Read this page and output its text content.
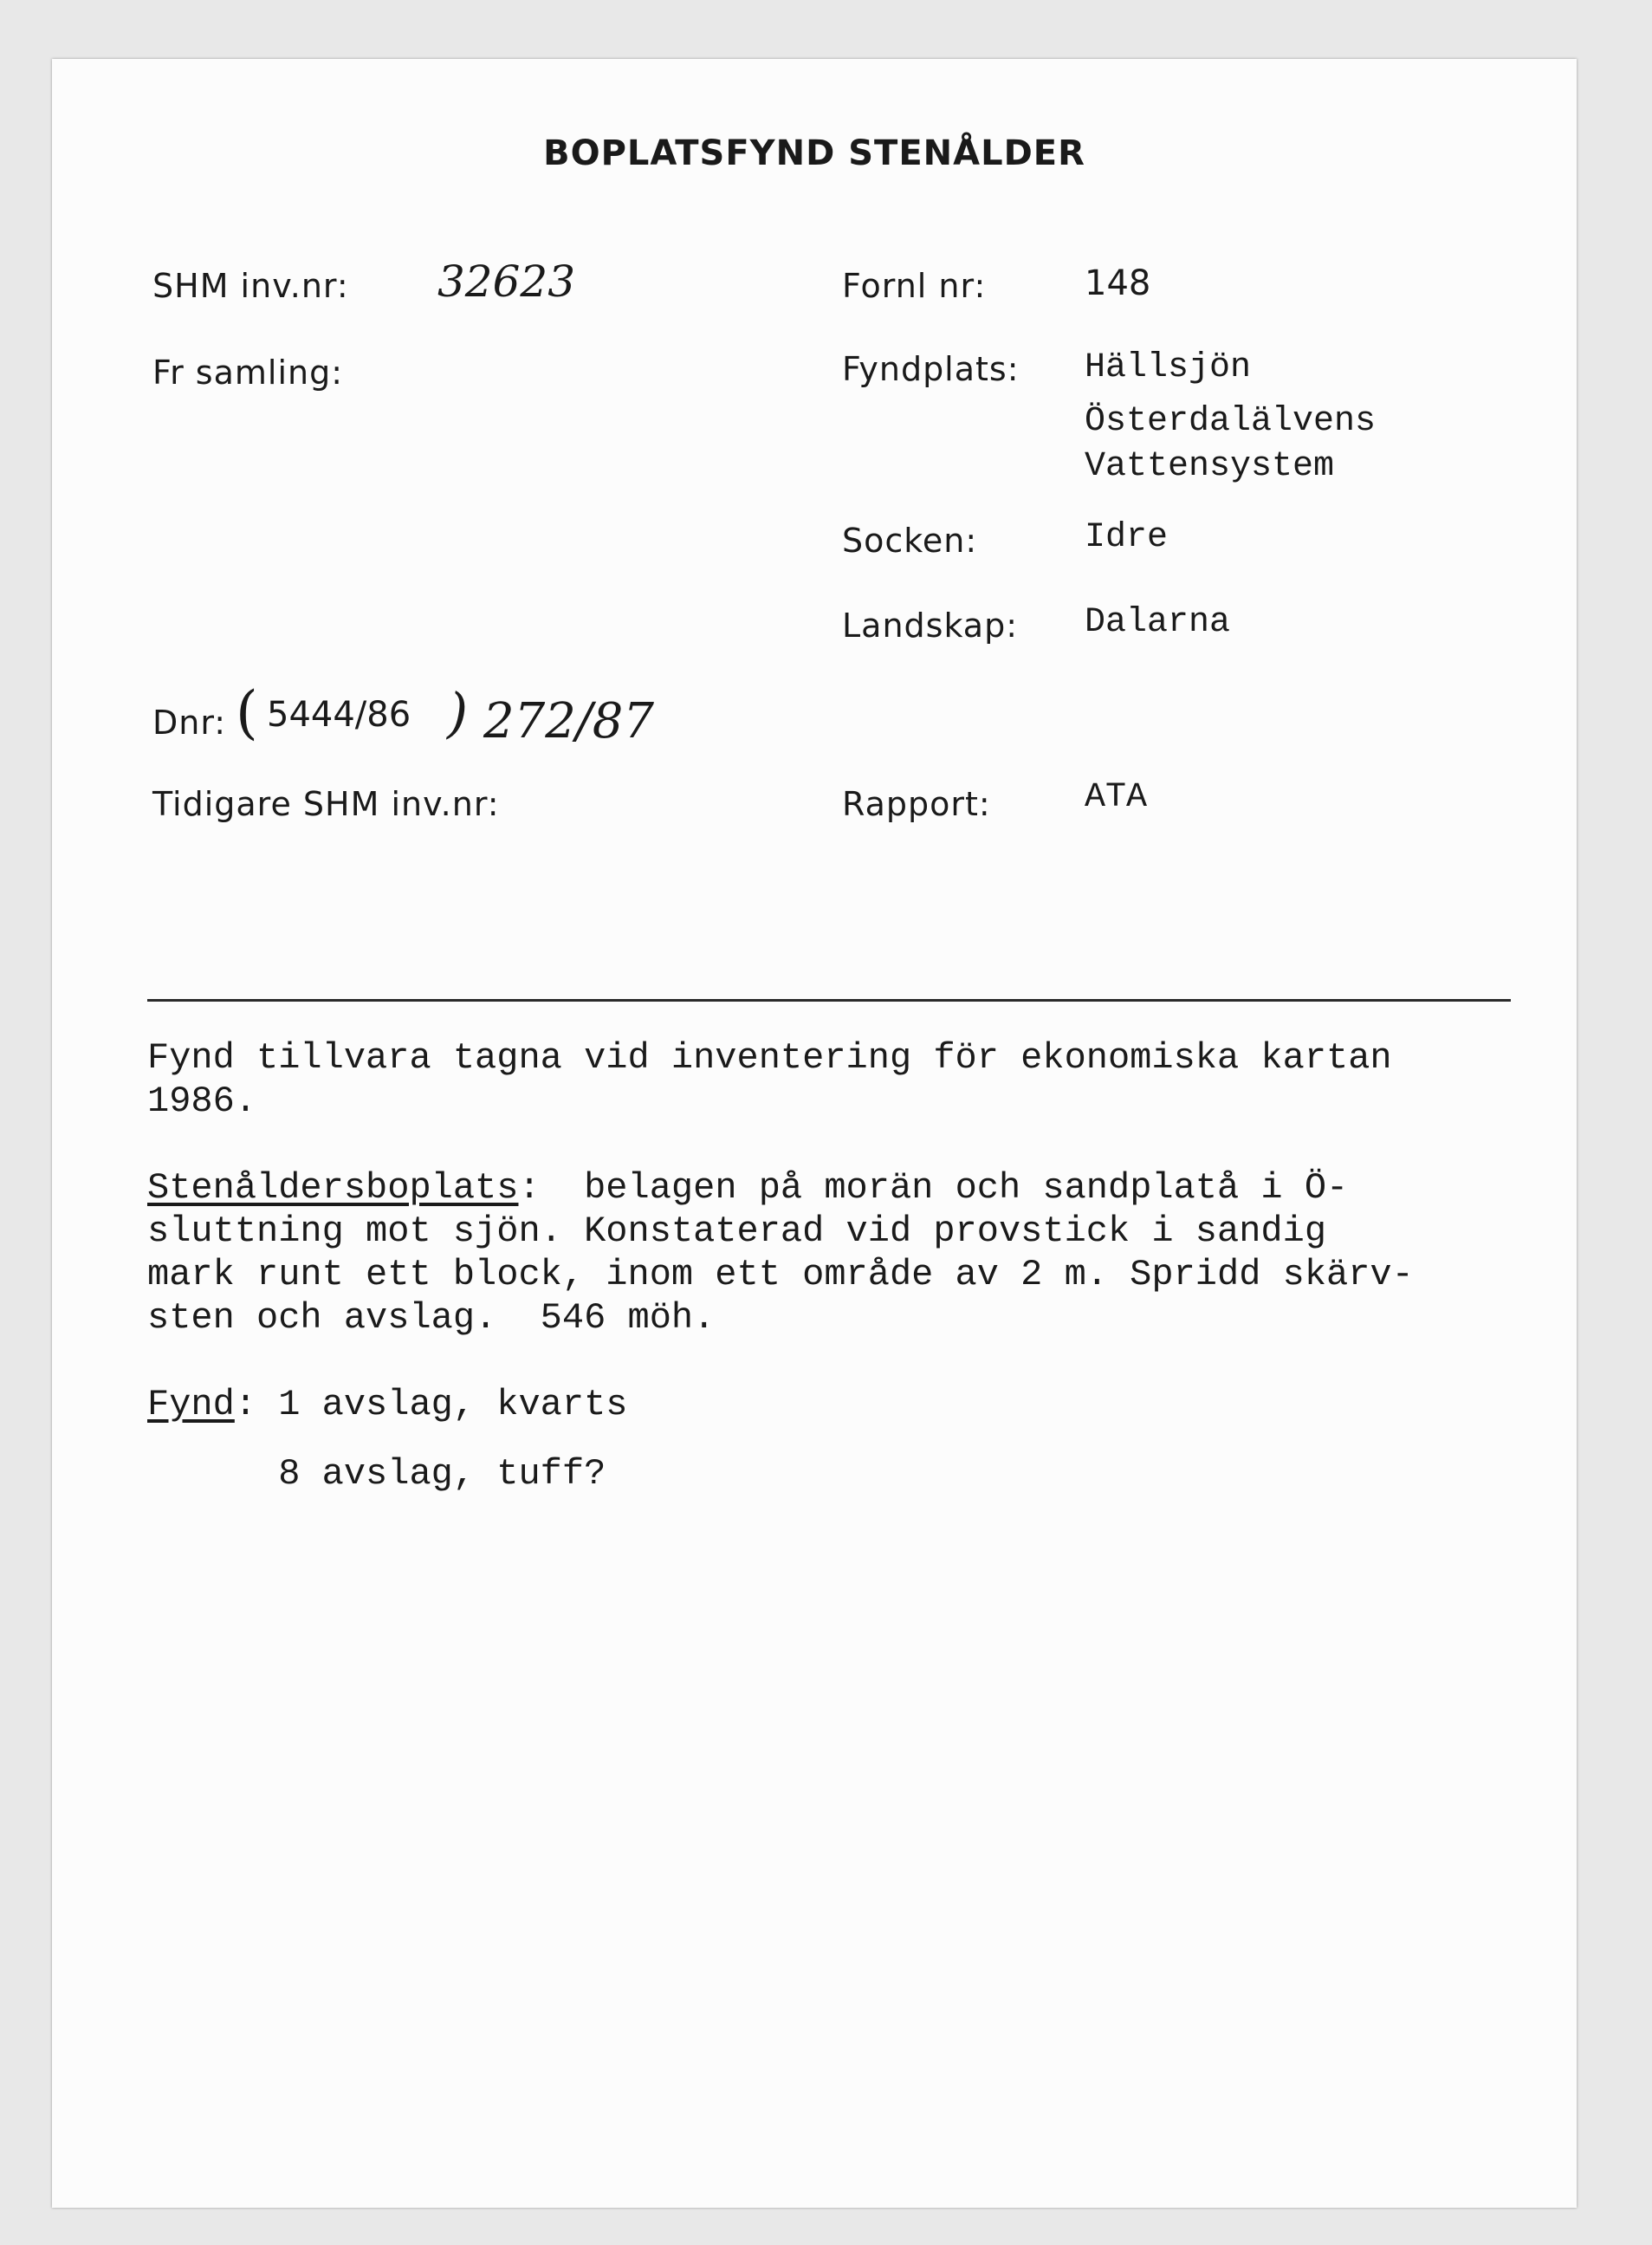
BOPLATSFYND STENÅLDER
SHM inv.nr: 32623	Fornl nr:	148
Fr samling:	Fyndplats: Hällsjön
Österdalälvens
Vattensystem
Socken:	Idre
Landskap: Dalarna
Dnr: ( 5444/86 ) 272/87
Tidigare SHM inv.nr:	Rapport:	ATA
Fynd tillvara tagna vid inventering för ekonomiska kartan
1986.
Stenåldersboplats:  belagen på morän och sandplatå i Ö-
sluttning mot sjön. Konstaterad vid provstick i sandig
mark runt ett block, inom ett område av 2 m. Spridd skärv-
sten och avslag.  546 möh.
Fynd: 1 avslag, kvarts
8 avslag, tuff?
